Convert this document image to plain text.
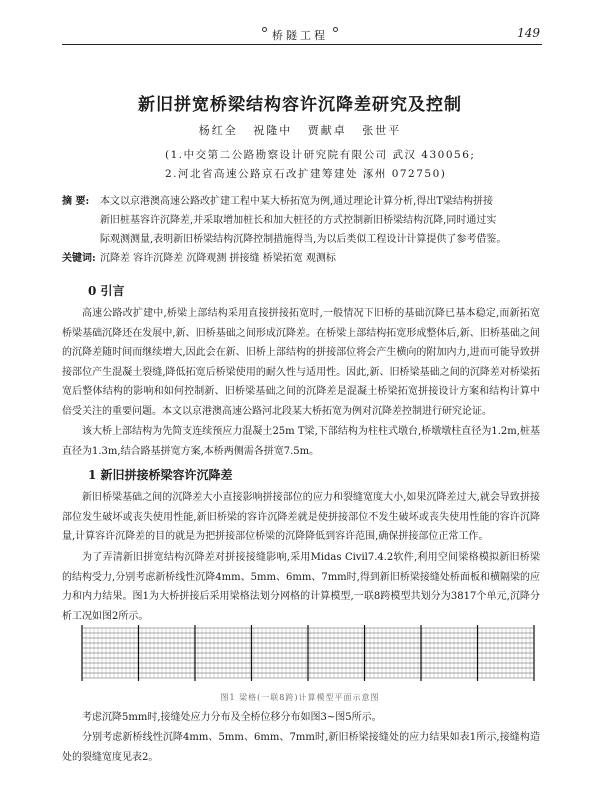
桥隧工程	149
新旧拼宽桥梁结构容许沉降差研究及控制
杨红全 祝隆中 贾献卓 张世平
(1.中交第二公路勘察设计研究院有限公司 武汉 430056;
2.河北省高速公路京石改扩建筹建处 涿州 072750)
摘 要: 本文以京港澳高速公路改扩建工程中某大桥拓宽为例,通过理论计算分析,得出T梁结构拼接
新旧桩基容许沉降差,并采取增加桩长和加大桩径的方式控制新旧桥梁结构沉降,同时通过实
际观测测量,表明新旧桥梁结构沉降控制措施得当,为以后类似工程设计计算提供了参考借鉴。
关键词: 沉降差 容许沉降差 沉降观测 拼接缝 桥梁拓宽 观测标
0 引言

高速公路改扩建中,桥梁上部结构采用直接拼接拓宽时,一般情况下旧桥的基础沉降已基本稳定,而新拓宽桥梁基础沉降还在发展中,新、旧桥基础之间形成沉降差。在桥梁上部结构拓宽形成整体后,新、旧桥基础之间的沉降差随时间而继续增大,因此会在新、旧桥上部结构的拼接部位将会产生横向的附加内力,进而可能导致拼接部位产生混凝土裂缝,降低拓宽后桥梁使用的耐久性与适用性。因此,新、旧桥梁基础之间的沉降差对桥梁拓宽后整体结构的影响和如何控制新、旧桥梁基础之间的沉降差是混凝土桥梁拓宽拼接设计方案和结构计算中倍受关注的重要问题。本文以京港澳高速公路河北段某大桥拓宽为例对沉降差控制进行研究论证。

该大桥上部结构为先简支连续预应力混凝土25m T梁,下部结构为柱柱式墩台,桥墩墩柱直径为1.2m,桩基直径为1.3m,结合路基拼宽方案,本桥两侧需各拼宽7.5m。

1 新旧拼接桥梁容许沉降差

新旧桥梁基础之间的沉降差大小直接影响拼接部位的应力和裂缝宽度大小,如果沉降差过大,就会导致拼接部位发生破坏或丧失使用性能,新旧桥梁的容许沉降差就是使拼接部位不发生破坏或丧失使用性能的容许沉降量,计算容许沉降差的目的就是为把拼接部位桥梁的沉降降低到容许范围,确保拼接部位正常工作。

为了弄清新旧拼宽结构沉降差对拼接接缝影响,采用Midas Civil7.4.2软件,利用空间梁格模拟新旧桥梁的结构受力,分别考虑新桥线性沉降4mm、5mm、6mm、7mm时,得到新旧桥梁接缝处桥面板和横隔梁的应力和内力结果。图1为大桥拼接后采用梁格法划分网格的计算模型,一联8跨模型共划分为3817个单元,沉降分析工况如图2所示。

图1 梁格(一联8跨)计算模型平面示意图

考虑沉降5mm时,接缝处应力分布及全桥位移分布如图3~图5所示。

分别考虑新桥线性沉降4mm、5mm、6mm、7mm时,新旧桥梁接缝处的应力结果如表1所示,接缝构造处的裂缝宽度见表2。
